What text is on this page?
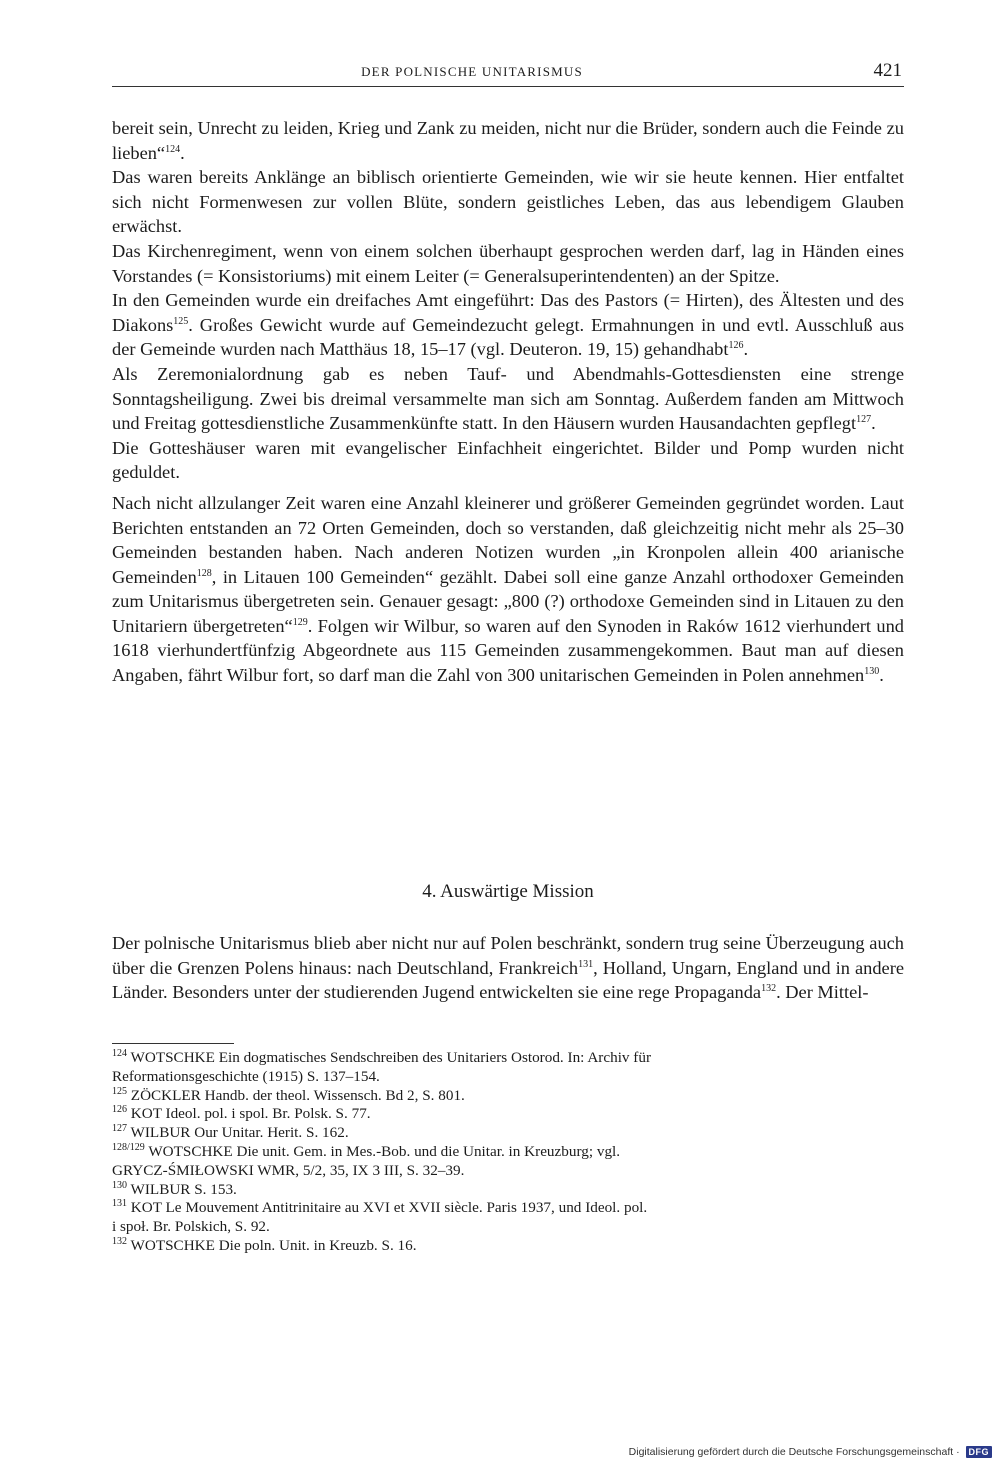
DER POLNISCHE UNITARISMUS	421

bereit sein, Unrecht zu leiden, Krieg und Zank zu meiden, nicht nur die Brüder, sondern auch die Feinde zu lieben“$^{124}$.

Das waren bereits Anklänge an biblisch orientierte Gemeinden, wie wir sie heute kennen. Hier entfaltet sich nicht Formenwesen zur vollen Blüte, sondern geistliches Leben, das aus lebendigem Glauben erwächst.

Das Kirchenregiment, wenn von einem solchen überhaupt gesprochen werden darf, lag in Händen eines Vorstandes (= Konsistoriums) mit einem Leiter (= Generalsuperintendenten) an der Spitze.

In den Gemeinden wurde ein dreifaches Amt eingeführt: Das des Pastors (= Hirten), des Ältesten und des Diakons$^{125}$. Großes Gewicht wurde auf Gemeindezucht gelegt. Ermahnungen in und evtl. Ausschluß aus der Gemeinde wurden nach Matthäus 18, 15–17 (vgl. Deuteron. 19, 15) gehandhabt$^{126}$.

Als Zeremonialordnung gab es neben Tauf- und Abendmahls-Gottesdiensten eine strenge Sonntagsheiligung. Zwei bis dreimal versammelte man sich am Sonntag. Außerdem fanden am Mittwoch und Freitag gottesdienstliche Zusammenkünfte statt. In den Häusern wurden Hausandachten gepflegt$^{127}$.

Die Gotteshäuser waren mit evangelischer Einfachheit eingerichtet. Bilder und Pomp wurden nicht geduldet.

Nach nicht allzulanger Zeit waren eine Anzahl kleinerer und größerer Gemeinden gegründet worden. Laut Berichten entstanden an 72 Orten Gemeinden, doch so verstanden, daß gleichzeitig nicht mehr als 25–30 Gemeinden bestanden haben. Nach anderen Notizen wurden „in Kronpolen allein 400 arianische Gemeinden$^{128}$, in Litauen 100 Gemeinden“ gezählt. Dabei soll eine ganze Anzahl orthodoxer Gemeinden zum Unitarismus übergetreten sein. Genauer gesagt: „800 (?) orthodoxe Gemeinden sind in Litauen zu den Unitariern übergetreten“$^{129}$. Folgen wir Wilbur, so waren auf den Synoden in Raków 1612 vierhundert und 1618 vierhundertfünfzig Abgeordnete aus 115 Gemeinden zusammengekommen. Baut man auf diesen Angaben, fährt Wilbur fort, so darf man die Zahl von 300 unitarischen Gemeinden in Polen annehmen$^{130}$.

4. Auswärtige Mission

Der polnische Unitarismus blieb aber nicht nur auf Polen beschränkt, sondern trug seine Überzeugung auch über die Grenzen Polens hinaus: nach Deutschland, Frankreich$^{131}$, Holland, Ungarn, England und in andere Länder. Besonders unter der studierenden Jugend entwickelten sie eine rege Propaganda$^{132}$. Der Mittel-

$^{124}$ WOTSCHKE Ein dogmatisches Sendschreiben des Unitariers Ostorod. In: Archiv für
Reformationsgeschichte (1915) S. 137–154.

$^{125}$ ZÖCKLER Handb. der theol. Wissensch. Bd 2, S. 801.

$^{126}$ KOT Ideol. pol. i spol. Br. Polsk. S. 77.

$^{127}$ WILBUR Our Unitar. Herit. S. 162.

$^{128/129}$ WOTSCHKE Die unit. Gem. in Mes.-Bob. und die Unitar. in Kreuzburg; vgl.
GRYCZ-ŚMIŁOWSKI WMR, 5/2, 35, IX 3 III, S. 32–39.

$^{130}$ WILBUR S. 153.

$^{131}$ KOT Le Mouvement Antitrinitaire au XVI et XVII siècle. Paris 1937, und Ideol. pol.
i społ. Br. Polskich, S. 92.

$^{132}$ WOTSCHKE Die poln. Unit. in Kreuzb. S. 16.

Digitalisierung gefördert durch die Deutsche Forschungsgemeinschaft · DFG
